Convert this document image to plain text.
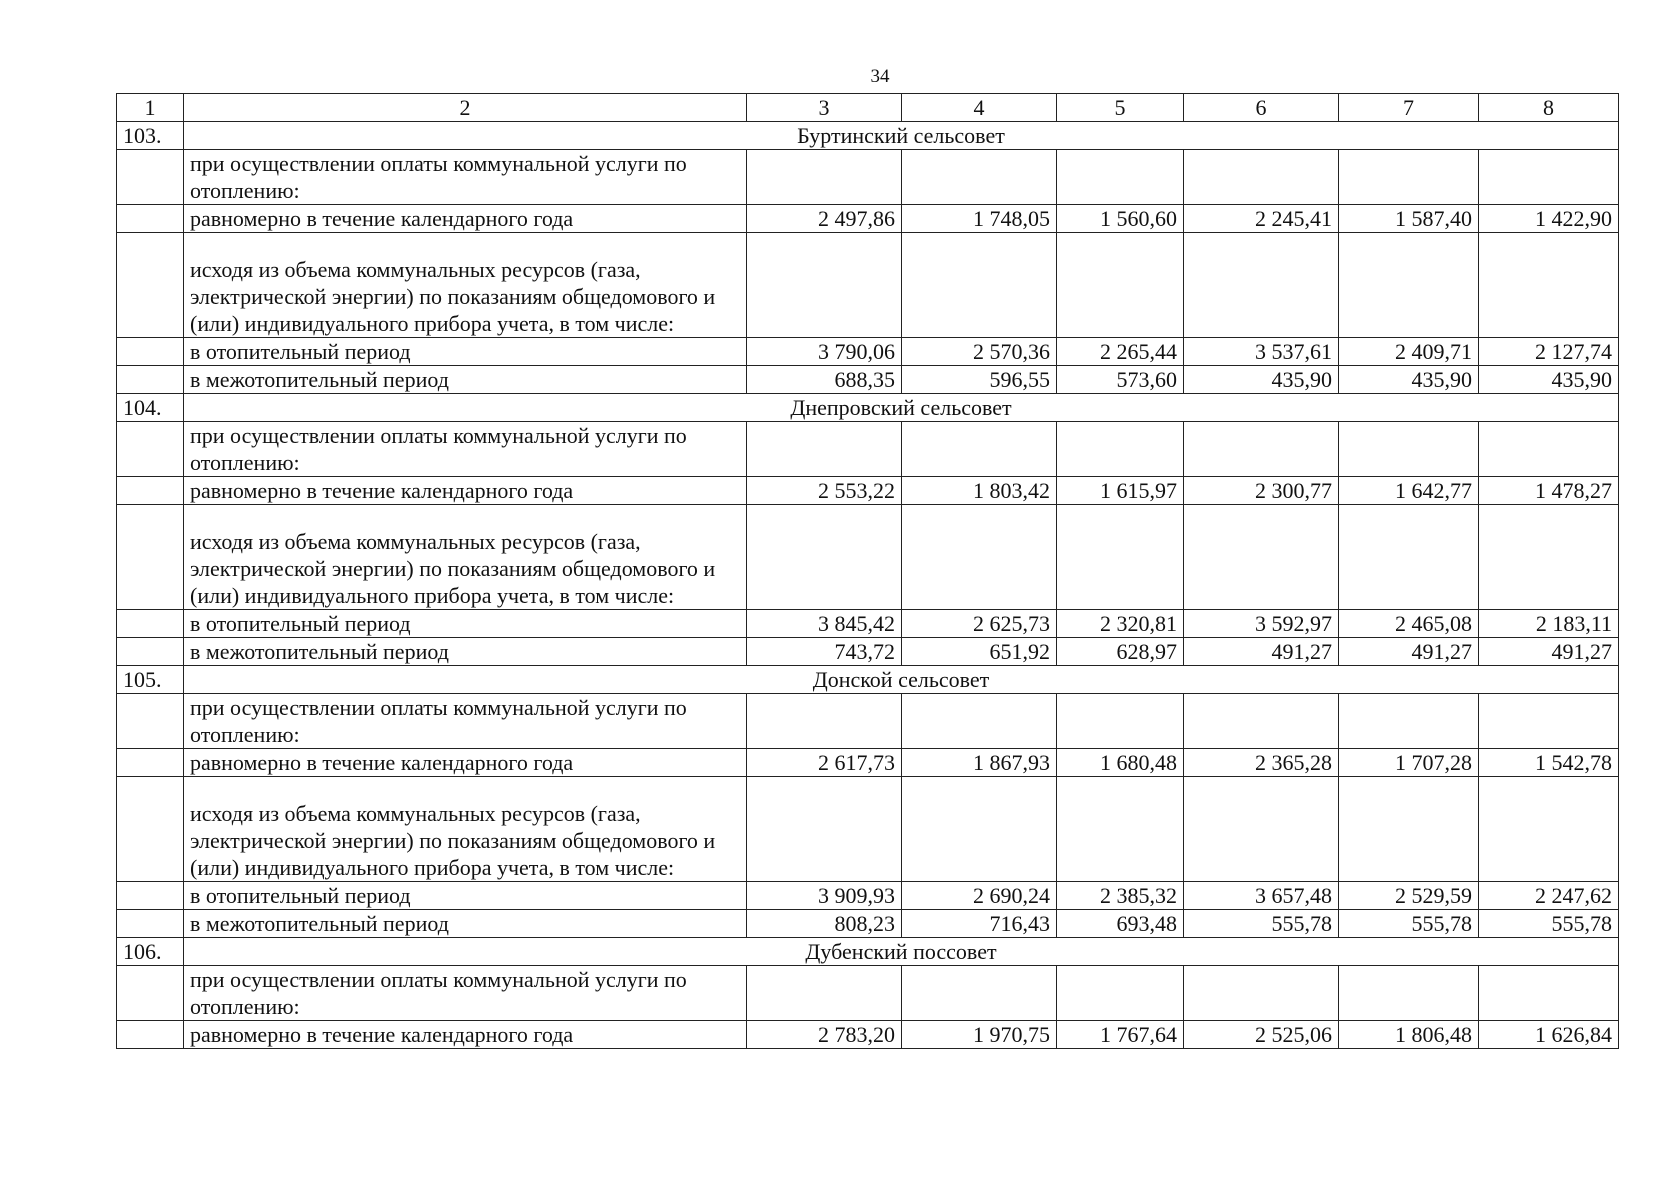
34
1	2	3	4	5	6	7	8
103.	Буртинский сельсовет						
	при осуществлении оплаты коммунальной услуги по отоплению:						
	равномерно в течение календарного года	2 497,86	1 748,05	1 560,60	2 245,41	1 587,40	1 422,90
	исходя из объема коммунальных ресурсов (газа, электрической энергии) по показаниям общедомового и (или) индивидуального прибора учета, в том числе:						
	в отопительный период	3 790,06	2 570,36	2 265,44	3 537,61	2 409,71	2 127,74
	в межотопительный период	688,35	596,55	573,60	435,90	435,90	435,90
104.	Днепровский сельсовет						
	при осуществлении оплаты коммунальной услуги по отоплению:						
	равномерно в течение календарного года	2 553,22	1 803,42	1 615,97	2 300,77	1 642,77	1 478,27
	исходя из объема коммунальных ресурсов (газа, электрической энергии) по показаниям общедомового и (или) индивидуального прибора учета, в том числе:						
	в отопительный период	3 845,42	2 625,73	2 320,81	3 592,97	2 465,08	2 183,11
	в межотопительный период	743,72	651,92	628,97	491,27	491,27	491,27
105.	Донской сельсовет						
	при осуществлении оплаты коммунальной услуги по отоплению:						
	равномерно в течение календарного года	2 617,73	1 867,93	1 680,48	2 365,28	1 707,28	1 542,78
	исходя из объема коммунальных ресурсов (газа, электрической энергии) по показаниям общедомового и (или) индивидуального прибора учета, в том числе:						
	в отопительный период	3 909,93	2 690,24	2 385,32	3 657,48	2 529,59	2 247,62
	в межотопительный период	808,23	716,43	693,48	555,78	555,78	555,78
106.	Дубенский поссовет						
	при осуществлении оплаты коммунальной услуги по отоплению:						
	равномерно в течение календарного года	2 783,20	1 970,75	1 767,64	2 525,06	1 806,48	1 626,84
